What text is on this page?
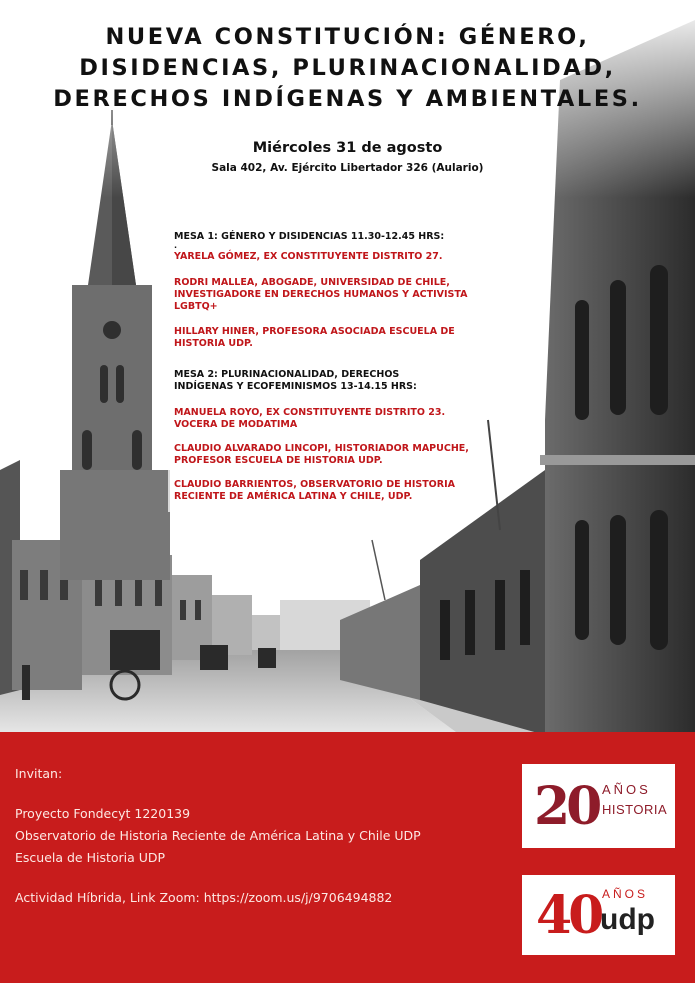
NUEVA CONSTITUCIÓN: GÉNERO,
DISIDENCIAS, PLURINACIONALIDAD,
DERECHOS INDÍGENAS Y AMBIENTALES.
Miércoles 31 de agosto
Sala 402, Av. Ejército Libertador 326 (Aulario)
MESA 1: GÉNERO Y DISIDENCIAS 11.30-12.45 HRS:
.
YARELA GÓMEZ, EX CONSTITUYENTE DISTRITO 27.
RODRI MALLEA, ABOGADE, UNIVERSIDAD DE CHILE,
INVESTIGADORE EN DERECHOS HUMANOS Y ACTIVISTA
LGBTQ+
HILLARY HINER, PROFESORA ASOCIADA ESCUELA DE
HISTORIA UDP.
MESA 2: PLURINACIONALIDAD, DERECHOS
INDÍGENAS Y ECOFEMINISMOS 13-14.15 HRS:
MANUELA ROYO, EX CONSTITUYENTE DISTRITO 23.
VOCERA DE MODATIMA
CLAUDIO ALVARADO LINCOPI, HISTORIADOR MAPUCHE,
PROFESOR ESCUELA DE HISTORIA UDP.
CLAUDIO BARRIENTOS, OBSERVATORIO DE HISTORIA
RECIENTE DE AMÉRICA LATINA Y CHILE, UDP.
Invitan:
Proyecto Fondecyt 1220139
Observatorio de Historia Reciente de América Latina y Chile UDP
Escuela de Historia UDP
Actividad Híbrida, Link Zoom: https://zoom.us/j/9706494882
20 AÑOS
HISTORIA
40 AÑOS
udp
